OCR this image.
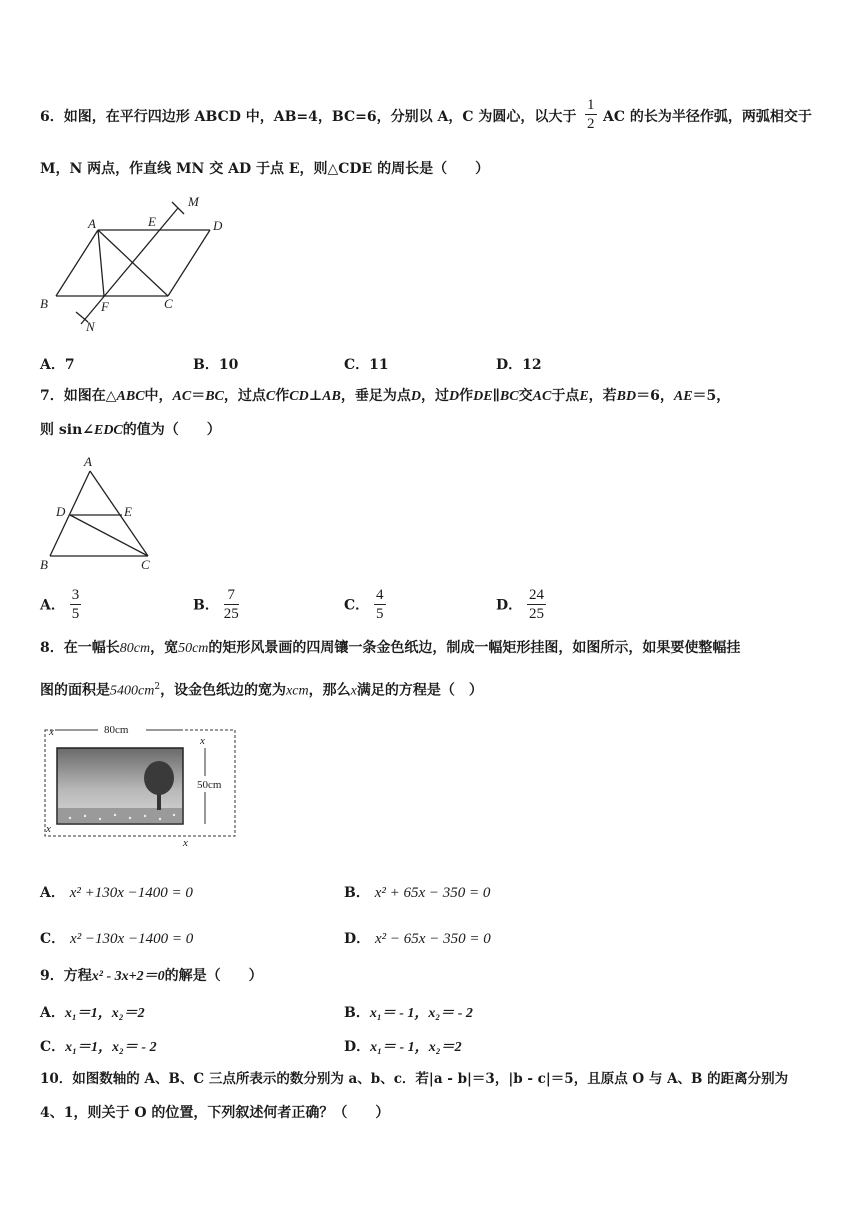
6．如图，在平行四边形 ABCD 中，AB=4，BC=6，分别以 A，C 为圆心，以大于 $\frac{1}{2}$ AC 的长为半径作弧，两弧相交于
M，N 两点，作直线 MN 交 AD 于点 E，则△CDE 的周长是（　　）
A	E	D
M
B	F	C
N
A．7	B．10	C．11	D．12
7．如图在△ABC中，AC＝BC，过点C作CD⊥AB，垂足为点D，过D作DE∥BC交AC于点E，若BD＝6，AE＝5，
则 sin∠EDC的值为（　　）
A
D	E
B	C
A． $\frac{3}{5}$	B． $\frac{7}{25}$	C． $\frac{4}{5}$	D． $\frac{24}{25}$
8．在一幅长80cm，宽50cm的矩形风景画的四周镶一条金色纸边，制成一幅矩形挂图，如图所示，如果要使整幅挂
图的面积是$5400cm^2$，设金色纸边的宽为xcm，那么x满足的方程是（　）
80cm
50cm
x
x
x
x
A． x² +130x −1400 = 0	B． x² + 65x − 350 = 0
C． x² −130x −1400 = 0	D． x² − 65x − 350 = 0
9．方程x² - 3x+2＝0的解是（　　）
A．x₁＝1，x₂＝2	B．x₁＝ - 1，x₂＝ - 2
C．x₁＝1，x₂＝ - 2	D．x₁＝ - 1，x₂＝2
10．如图数轴的 A、B、C 三点所表示的数分别为 a、b、c．若|a - b|＝3，|b - c|＝5，且原点 O 与 A、B 的距离分别为
4、1，则关于 O 的位置，下列叙述何者正确？（　　）
